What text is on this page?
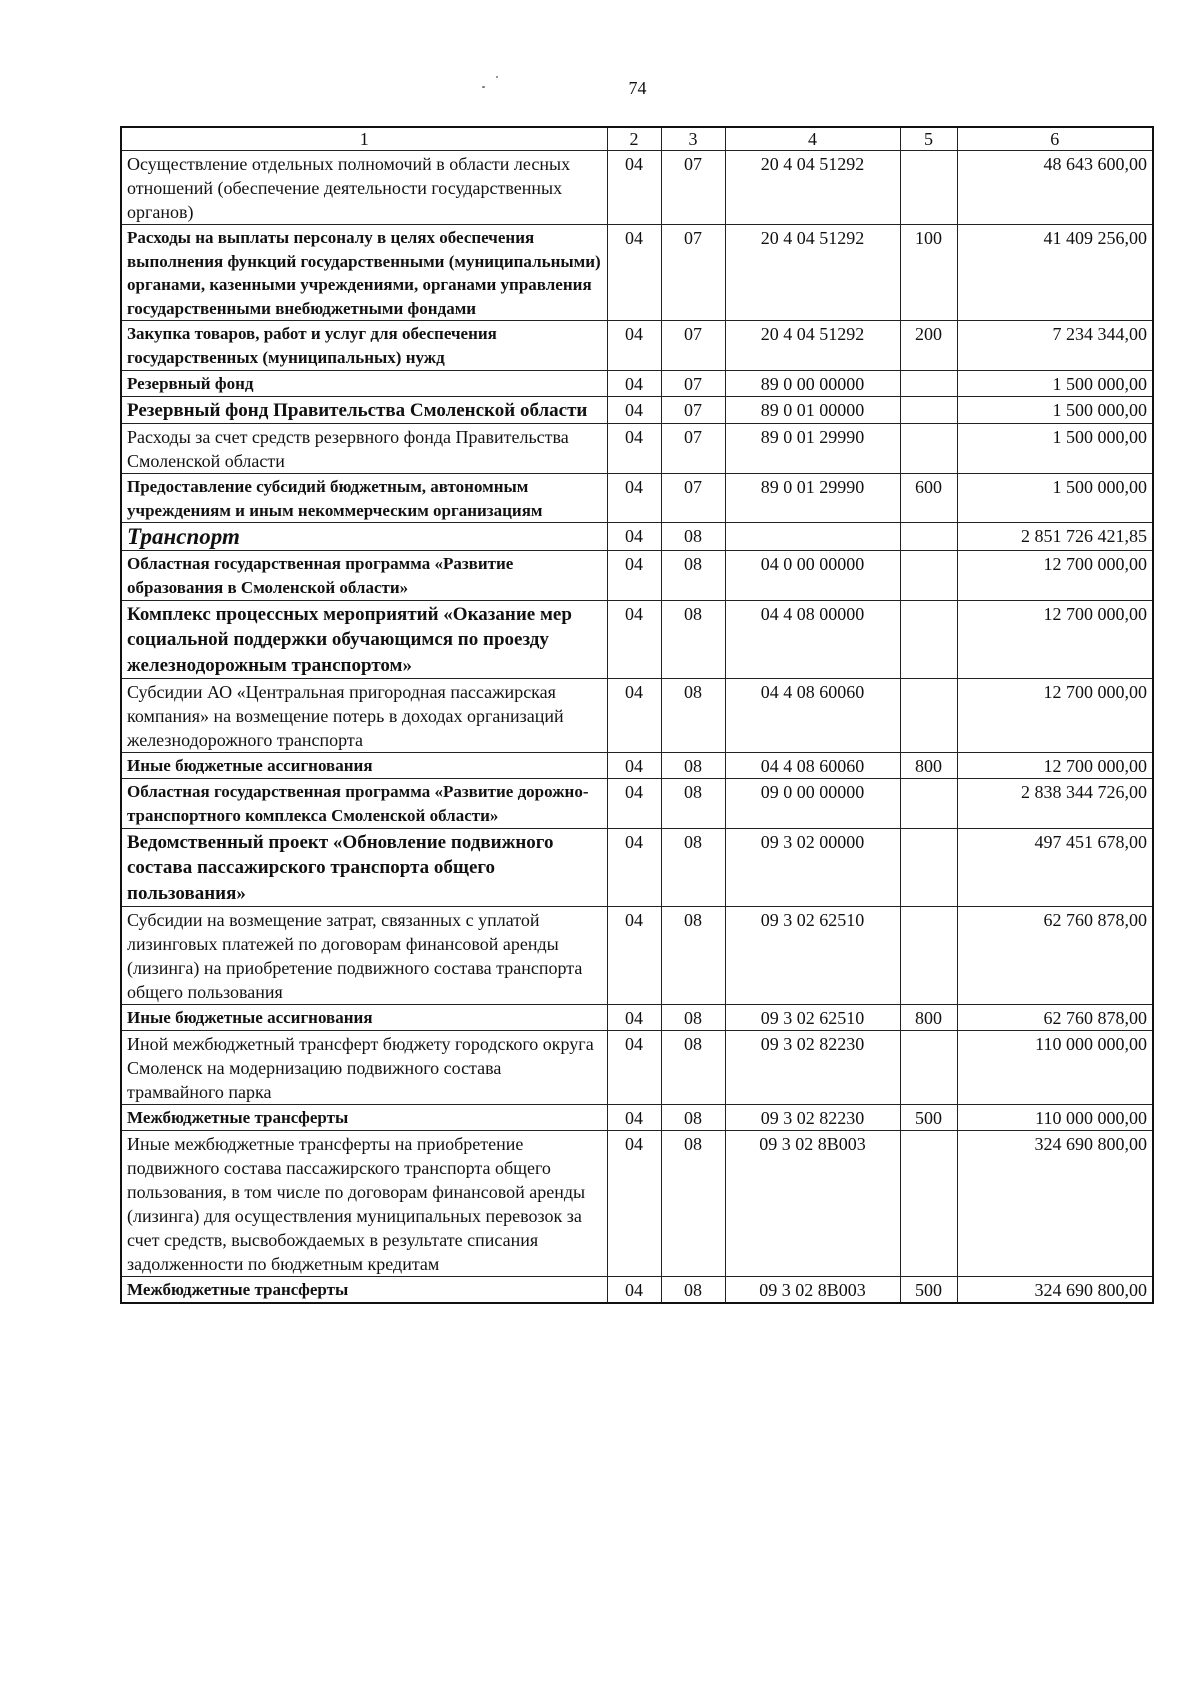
74
1	2	3	4	5	6
Осуществление отдельных полномочий в области лесных отношений (обеспечение деятельности государственных органов)	04	07	20 4 04 51292		48 643 600,00
Расходы на выплаты персоналу в целях обеспечения выполнения функций государственными (муниципальными) органами, казенными учреждениями, органами управления государственными внебюджетными фондами	04	07	20 4 04 51292	100	41 409 256,00
Закупка товаров, работ и услуг для обеспечения государственных (муниципальных) нужд	04	07	20 4 04 51292	200	7 234 344,00
Резервный фонд	04	07	89 0 00 00000		1 500 000,00
Резервный фонд Правительства Смоленской области	04	07	89 0 01 00000		1 500 000,00
Расходы за счет средств резервного фонда Правительства Смоленской области	04	07	89 0 01 29990		1 500 000,00
Предоставление субсидий бюджетным, автономным учреждениям и иным некоммерческим организациям	04	07	89 0 01 29990	600	1 500 000,00
Транспорт	04	08			2 851 726 421,85
Областная государственная программа «Развитие образования в Смоленской области»	04	08	04 0 00 00000		12 700 000,00
Комплекс процессных мероприятий «Оказание мер социальной поддержки обучающимся по проезду железнодорожным транспортом»	04	08	04 4 08 00000		12 700 000,00
Субсидии АО «Центральная пригородная пассажирская компания» на возмещение потерь в доходах организаций железнодорожного транспорта	04	08	04 4 08 60060		12 700 000,00
Иные бюджетные ассигнования	04	08	04 4 08 60060	800	12 700 000,00
Областная государственная программа «Развитие дорожно-транспортного комплекса Смоленской области»	04	08	09 0 00 00000		2 838 344 726,00
Ведомственный проект «Обновление подвижного состава пассажирского транспорта общего пользования»	04	08	09 3 02 00000		497 451 678,00
Субсидии на возмещение затрат, связанных с уплатой лизинговых платежей по договорам финансовой аренды (лизинга) на приобретение подвижного состава транспорта общего пользования	04	08	09 3 02 62510		62 760 878,00
Иные бюджетные ассигнования	04	08	09 3 02 62510	800	62 760 878,00
Иной межбюджетный трансферт бюджету городского округа Смоленск на модернизацию подвижного состава трамвайного парка	04	08	09 3 02 82230		110 000 000,00
Межбюджетные трансферты	04	08	09 3 02 82230	500	110 000 000,00
Иные межбюджетные трансферты на приобретение подвижного состава пассажирского транспорта общего пользования, в том числе по договорам финансовой аренды (лизинга) для осуществления муниципальных перевозок за счет средств, высвобождаемых в результате списания задолженности по бюджетным кредитам	04	08	09 3 02 8В003		324 690 800,00
Межбюджетные трансферты	04	08	09 3 02 8В003	500	324 690 800,00
